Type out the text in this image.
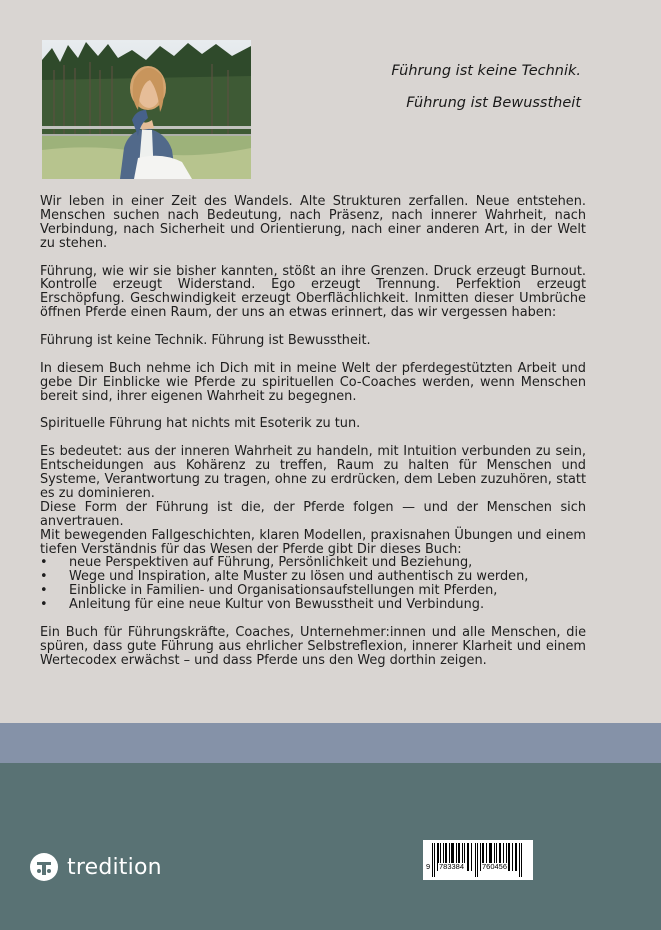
Führung ist keine Technik.
Führung ist Bewusstheit

Wir leben in einer Zeit des Wandels. Alte Strukturen zerfallen. Neue entstehen. Menschen suchen nach Bedeutung, nach Präsenz, nach innerer Wahrheit, nach Verbindung, nach Sicherheit und Orientierung, nach einer anderen Art, in der Welt zu stehen.

Führung, wie wir sie bisher kannten, stößt an ihre Grenzen. Druck erzeugt Burnout. Kontrolle erzeugt Widerstand. Ego erzeugt Trennung. Perfektion erzeugt Erschöpfung. Geschwindigkeit erzeugt Oberflächlichkeit. Inmitten dieser Umbrüche öffnen Pferde einen Raum, der uns an etwas erinnert, das wir vergessen haben:

Führung ist keine Technik. Führung ist Bewusstheit.

In diesem Buch nehme ich Dich mit in meine Welt der pferdegestützten Arbeit und gebe Dir Einblicke wie Pferde zu spirituellen Co-Coaches werden, wenn Menschen bereit sind, ihrer eigenen Wahrheit zu begegnen.

Spirituelle Führung hat nichts mit Esoterik zu tun.

Es bedeutet: aus der inneren Wahrheit zu handeln, mit Intuition verbunden zu sein, Entscheidungen aus Kohärenz zu treffen, Raum zu halten für Menschen und Systeme, Verantwortung zu tragen, ohne zu erdrücken, dem Leben zuzuhören, statt es zu dominieren.

Diese Form der Führung ist die, der Pferde folgen — und der Menschen sich anvertrauen.

Mit bewegenden Fallgeschichten, klaren Modellen, praxisnahen Übungen und einem tiefen Verständnis für das Wesen der Pferde gibt Dir dieses Buch:

• neue Perspektiven auf Führung, Persönlichkeit und Beziehung,
• Wege und Inspiration, alte Muster zu lösen und authentisch zu werden,
• Einblicke in Familien- und Organisationsaufstellungen mit Pferden,
• Anleitung für eine neue Kultur von Bewusstheit und Verbindung.

Ein Buch für Führungskräfte, Coaches, Unternehmer:innen und alle Menschen, die spüren, dass gute Führung aus ehrlicher Selbstreflexion, innerer Klarheit und einem Wertecodex erwächst – und dass Pferde uns den Weg dorthin zeigen.

tredition	9 783384 760456
